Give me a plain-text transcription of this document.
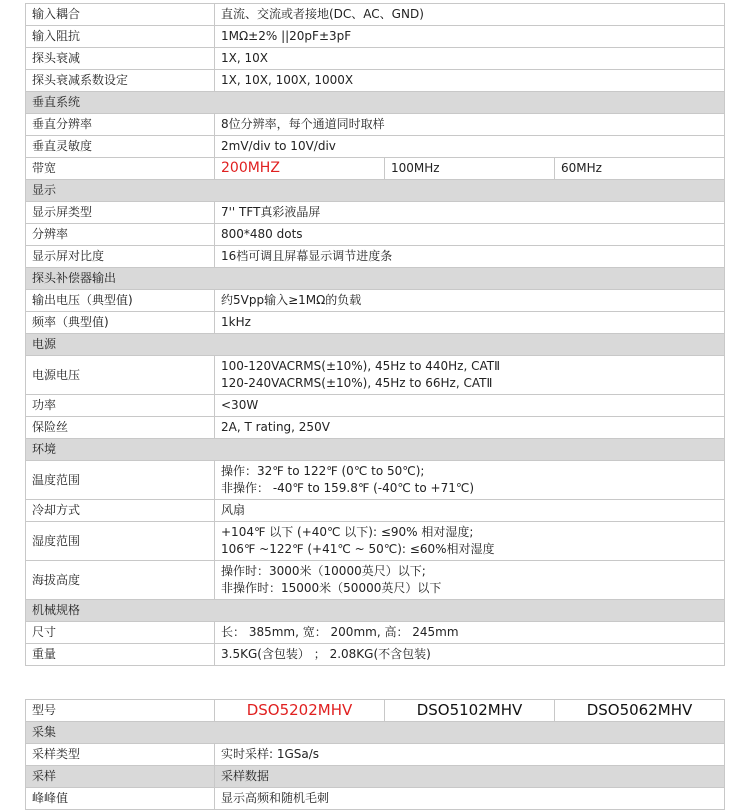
输入耦合	直流、交流或者接地(DC、AC、GND)		
输入阻抗	1MΩ±2% ||20pF±3pF		
探头衰减	1X, 10X		
探头衰减系数设定	1X, 10X, 100X, 1000X		
垂直系统			
垂直分辨率	8位分辨率，每个通道同时取样		
垂直灵敏度	2mV/div to 10V/div		
带宽	200MHZ	100MHz	60MHz
显示			
显示屏类型	7'' TFT真彩液晶屏		
分辨率	800*480 dots		
显示屏对比度	16档可调且屏幕显示调节进度条		
探头补偿器输出			
输出电压（典型值)	约5Vpp输入≥1MΩ的负载		
频率（典型值)	1kHz		
电源			
电源电压	100-120VACRMS(±10%), 45Hz to 440Hz, CATⅡ
120-240VACRMS(±10%), 45Hz to 66Hz, CATⅡ		

功率	<30W		
保险丝	2A, T rating, 250V		
环境			
温度范围	操作：32℉ to 122℉ (0℃ to 50℃);
非操作： -40℉ to 159.8℉ (-40℃ to +71℃)		

冷却方式	风扇		
湿度范围	+104℉ 以下 (+40℃ 以下): ≤90% 相对湿度;
106℉ ~122℉ (+41℃ ~ 50℃): ≤60%相对湿度		

海拔高度	操作时：3000米（10000英尺）以下;
非操作时：15000米（50000英尺）以下		

机械规格			
尺寸	长： 385mm, 宽： 200mm, 高： 245mm		
重量	3.5KG(含包装） ； 2.08KG(不含包装)		
型号	DSO5202MHV	DSO5102MHV	DSO5062MHV
采集			
采样类型	实时采样: 1GSa/s		
采样	采样数据		
峰峰值	显示高频和随机毛刺		
